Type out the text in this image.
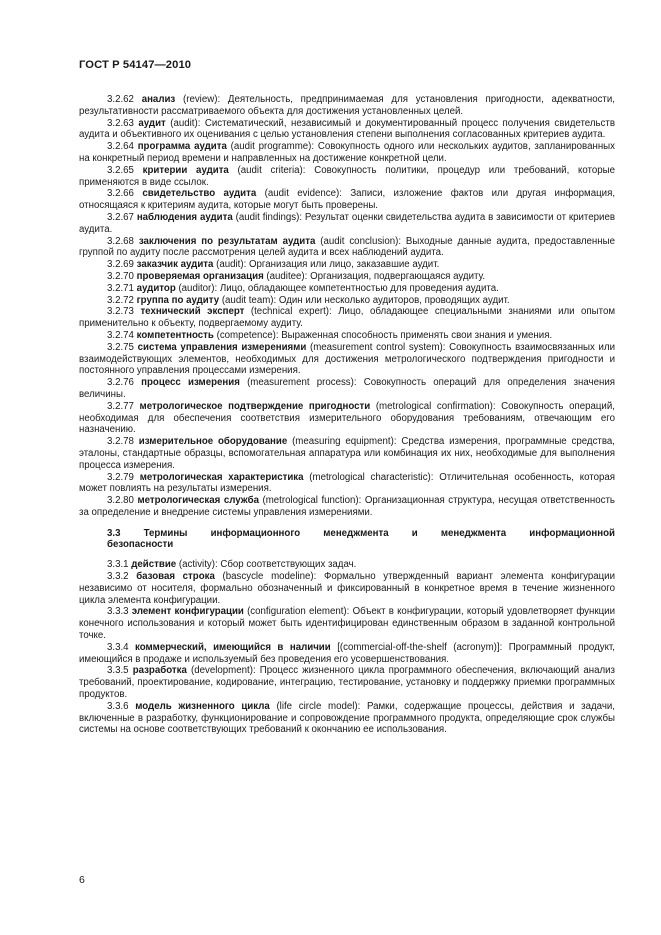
ГОСТ Р 54147—2010

3.2.62 анализ (review): Деятельность, предпринимаемая для установления пригодности, адекватности, результативности рассматриваемого объекта для достижения установленных целей.

3.2.63 аудит (audit): Систематический, независимый и документированный процесс получения свидетельств аудита и объективного их оценивания с целью установления степени выполнения согласованных критериев аудита.

3.2.64 программа аудита (audit programme): Совокупность одного или нескольких аудитов, запланированных на конкретный период времени и направленных на достижение конкретной цели.

3.2.65 критерии аудита (audit criteria): Совокупность политики, процедур или требований, которые применяются в виде ссылок.

3.2.66 свидетельство аудита (audit evidence): Записи, изложение фактов или другая информация, относящаяся к критериям аудита, которые могут быть проверены.

3.2.67 наблюдения аудита (audit findings): Результат оценки свидетельства аудита в зависимости от критериев аудита.

3.2.68 заключения по результатам аудита (audit conclusion): Выходные данные аудита, предоставленные группой по аудиту после рассмотрения целей аудита и всех наблюдений аудита.

3.2.69 заказчик аудита (audit): Организация или лицо, заказавшие аудит.

3.2.70 проверяемая организация (auditee): Организация, подвергающаяся аудиту.

3.2.71 аудитор (auditor): Лицо, обладающее компетентностью для проведения аудита.

3.2.72 группа по аудиту (audit team): Один или несколько аудиторов, проводящих аудит.

3.2.73 технический эксперт (technical expert): Лицо, обладающее специальными знаниями или опытом применительно к объекту, подвергаемому аудиту.

3.2.74 компетентность (competence): Выраженная способность применять свои знания и умения.

3.2.75 система управления измерениями (measurement control system): Совокупность взаимосвязанных или взаимодействующих элементов, необходимых для достижения метрологического подтверждения пригодности и постоянного управления процессами измерения.

3.2.76 процесс измерения (measurement process): Совокупность операций для определения значения величины.

3.2.77 метрологическое подтверждение пригодности (metrological confirmation): Совокупность операций, необходимая для обеспечения соответствия измерительного оборудования требованиям, отвечающим его назначению.

3.2.78 измерительное оборудование (measuring equipment): Средства измерения, программные средства, эталоны, стандартные образцы, вспомогательная аппаратура или комбинация их них, необходимые для выполнения процесса измерения.

3.2.79 метрологическая характеристика (metrological characteristic): Отличительная особенность, которая может повлиять на результаты измерения.

3.2.80 метрологическая служба (metrological function): Организационная структура, несущая ответственность за определение и внедрение системы управления измерениями.

3.3 Термины информационного менеджмента и менеджмента информационной

безопасности

3.3.1 действие (activity): Сбор соответствующих задач.

3.3.2 базовая строка (bascycle modeline): Формально утвержденный вариант элемента конфигурации независимо от носителя, формально обозначенный и фиксированный в конкретное время в течение жизненного цикла элемента конфигурации.

3.3.3 элемент конфигурации (configuration element): Объект в конфигурации, который удовлетворяет функции конечного использования и который может быть идентифицирован единственным образом в заданной контрольной точке.

3.3.4 коммерческий, имеющийся в наличии [(commercial-off-the-shelf (acronym)]: Программный продукт, имеющийся в продаже и используемый без проведения его усовершенствования.

3.3.5 разработка (development): Процесс жизненного цикла программного обеспечения, включающий анализ требований, проектирование, кодирование, интеграцию, тестирование, установку и поддержку приемки программных продуктов.

3.3.6 модель жизненного цикла (life circle model): Рамки, содержащие процессы, действия и задачи, включенные в разработку, функционирование и сопровождение программного продукта, определяющие срок службы системы на основе соответствующих требований к окончанию ее использования.

6
